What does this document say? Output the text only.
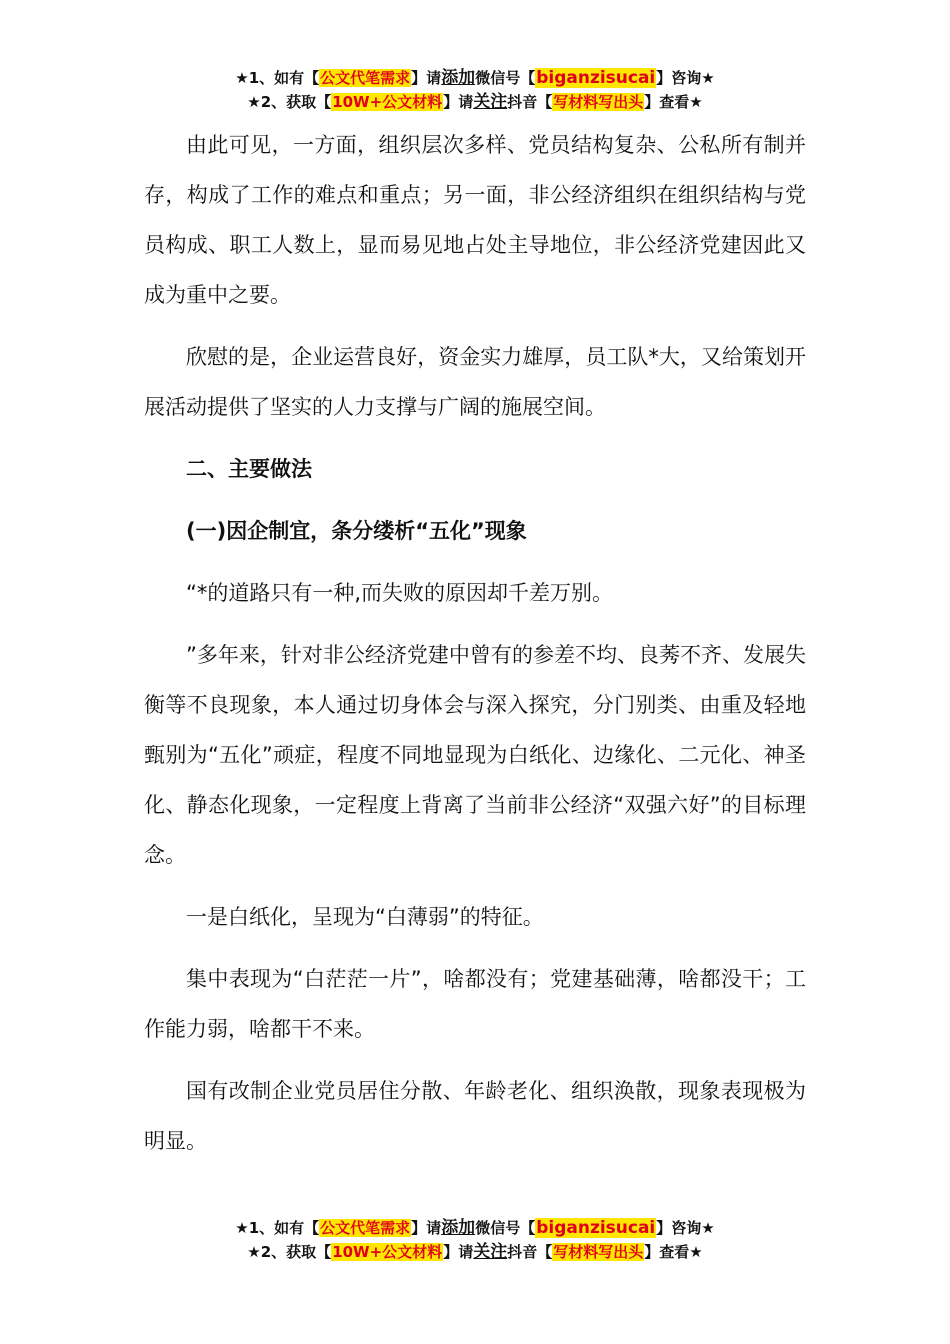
★1、如有【公文代笔需求】请添加微信号【biganzisucai】咨询★
★2、获取【10W+公文材料】请关注抖音【写材料写出头】查看★

由此可见，一方面，组织层次多样、党员结构复杂、公私所有制并存，构成了工作的难点和重点；另一面，非公经济组织在组织结构与党员构成、职工人数上，显而易见地占处主导地位，非公经济党建因此又成为重中之要。

欣慰的是，企业运营良好，资金实力雄厚，员工队*大，又给策划开展活动提供了坚实的人力支撑与广阔的施展空间。

二、主要做法

(一)因企制宜，条分缕析“五化”现象

“*的道路只有一种,而失败的原因却千差万别。

”多年来，针对非公经济党建中曾有的参差不均、良莠不齐、发展失衡等不良现象，本人通过切身体会与深入探究，分门别类、由重及轻地甄别为“五化”顽症，程度不同地显现为白纸化、边缘化、二元化、神圣化、静态化现象，一定程度上背离了当前非公经济“双强六好”的目标理念。

一是白纸化，呈现为“白薄弱”的特征。

集中表现为“白茫茫一片”，啥都没有；党建基础薄，啥都没干；工作能力弱，啥都干不来。

国有改制企业党员居住分散、年龄老化、组织涣散，现象表现极为明显。

★1、如有【公文代笔需求】请添加微信号【biganzisucai】咨询★
★2、获取【10W+公文材料】请关注抖音【写材料写出头】查看★
